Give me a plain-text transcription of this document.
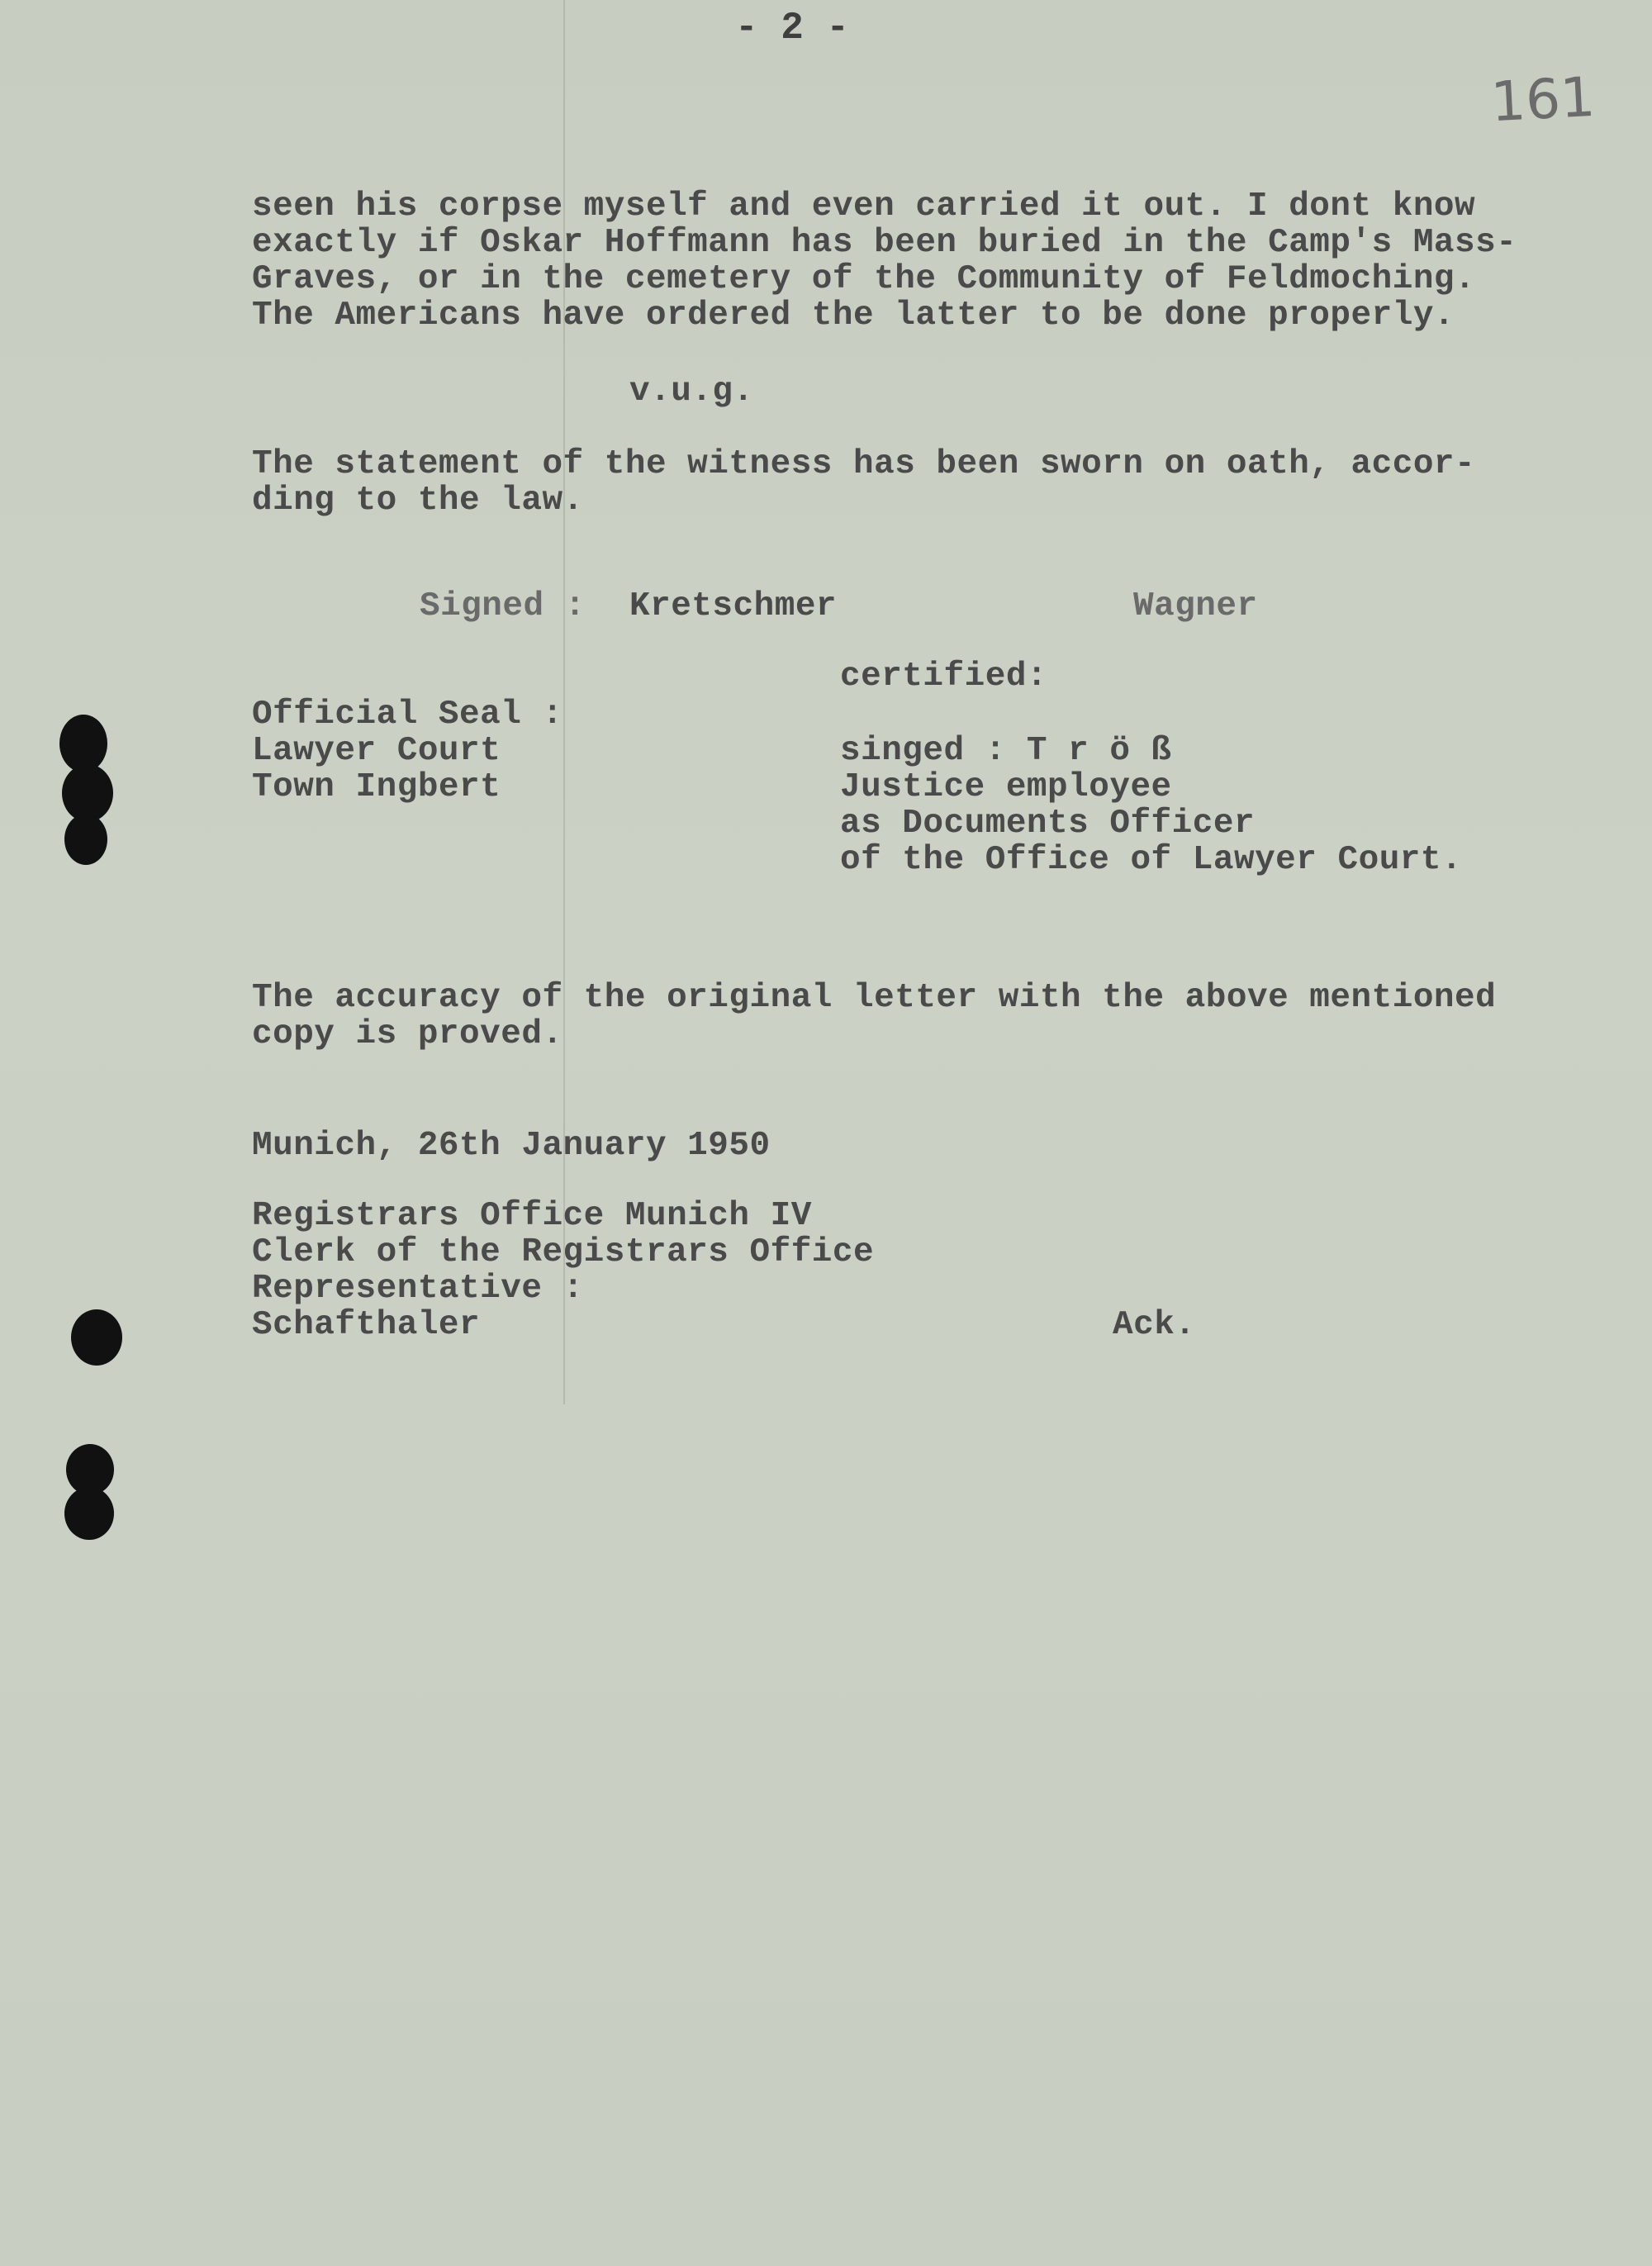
- 2 -
161

seen his corpse myself and even carried it out. I dont know

exactly if Oskar Hoffmann has been buried in the Camp's Mass-

Graves, or in the cemetery of the Community of Feldmoching.

The Americans have ordered the latter to be done properly.

v.u.g.

The statement of the witness has been sworn on oath, accor-

ding to the law.

Signed : Kretschmer	Wagner

certified:

Official Seal :

Lawyer Court

Town Ingbert

singed : T r ö ß

Justice employee

as Documents Officer

of the Office of Lawyer Court.

The accuracy of the original letter with the above mentioned

copy is proved.

Munich, 26th January 1950

Registrars Office Munich IV

Clerk of the Registrars Office

Representative :

Schafthaler	Ack.
